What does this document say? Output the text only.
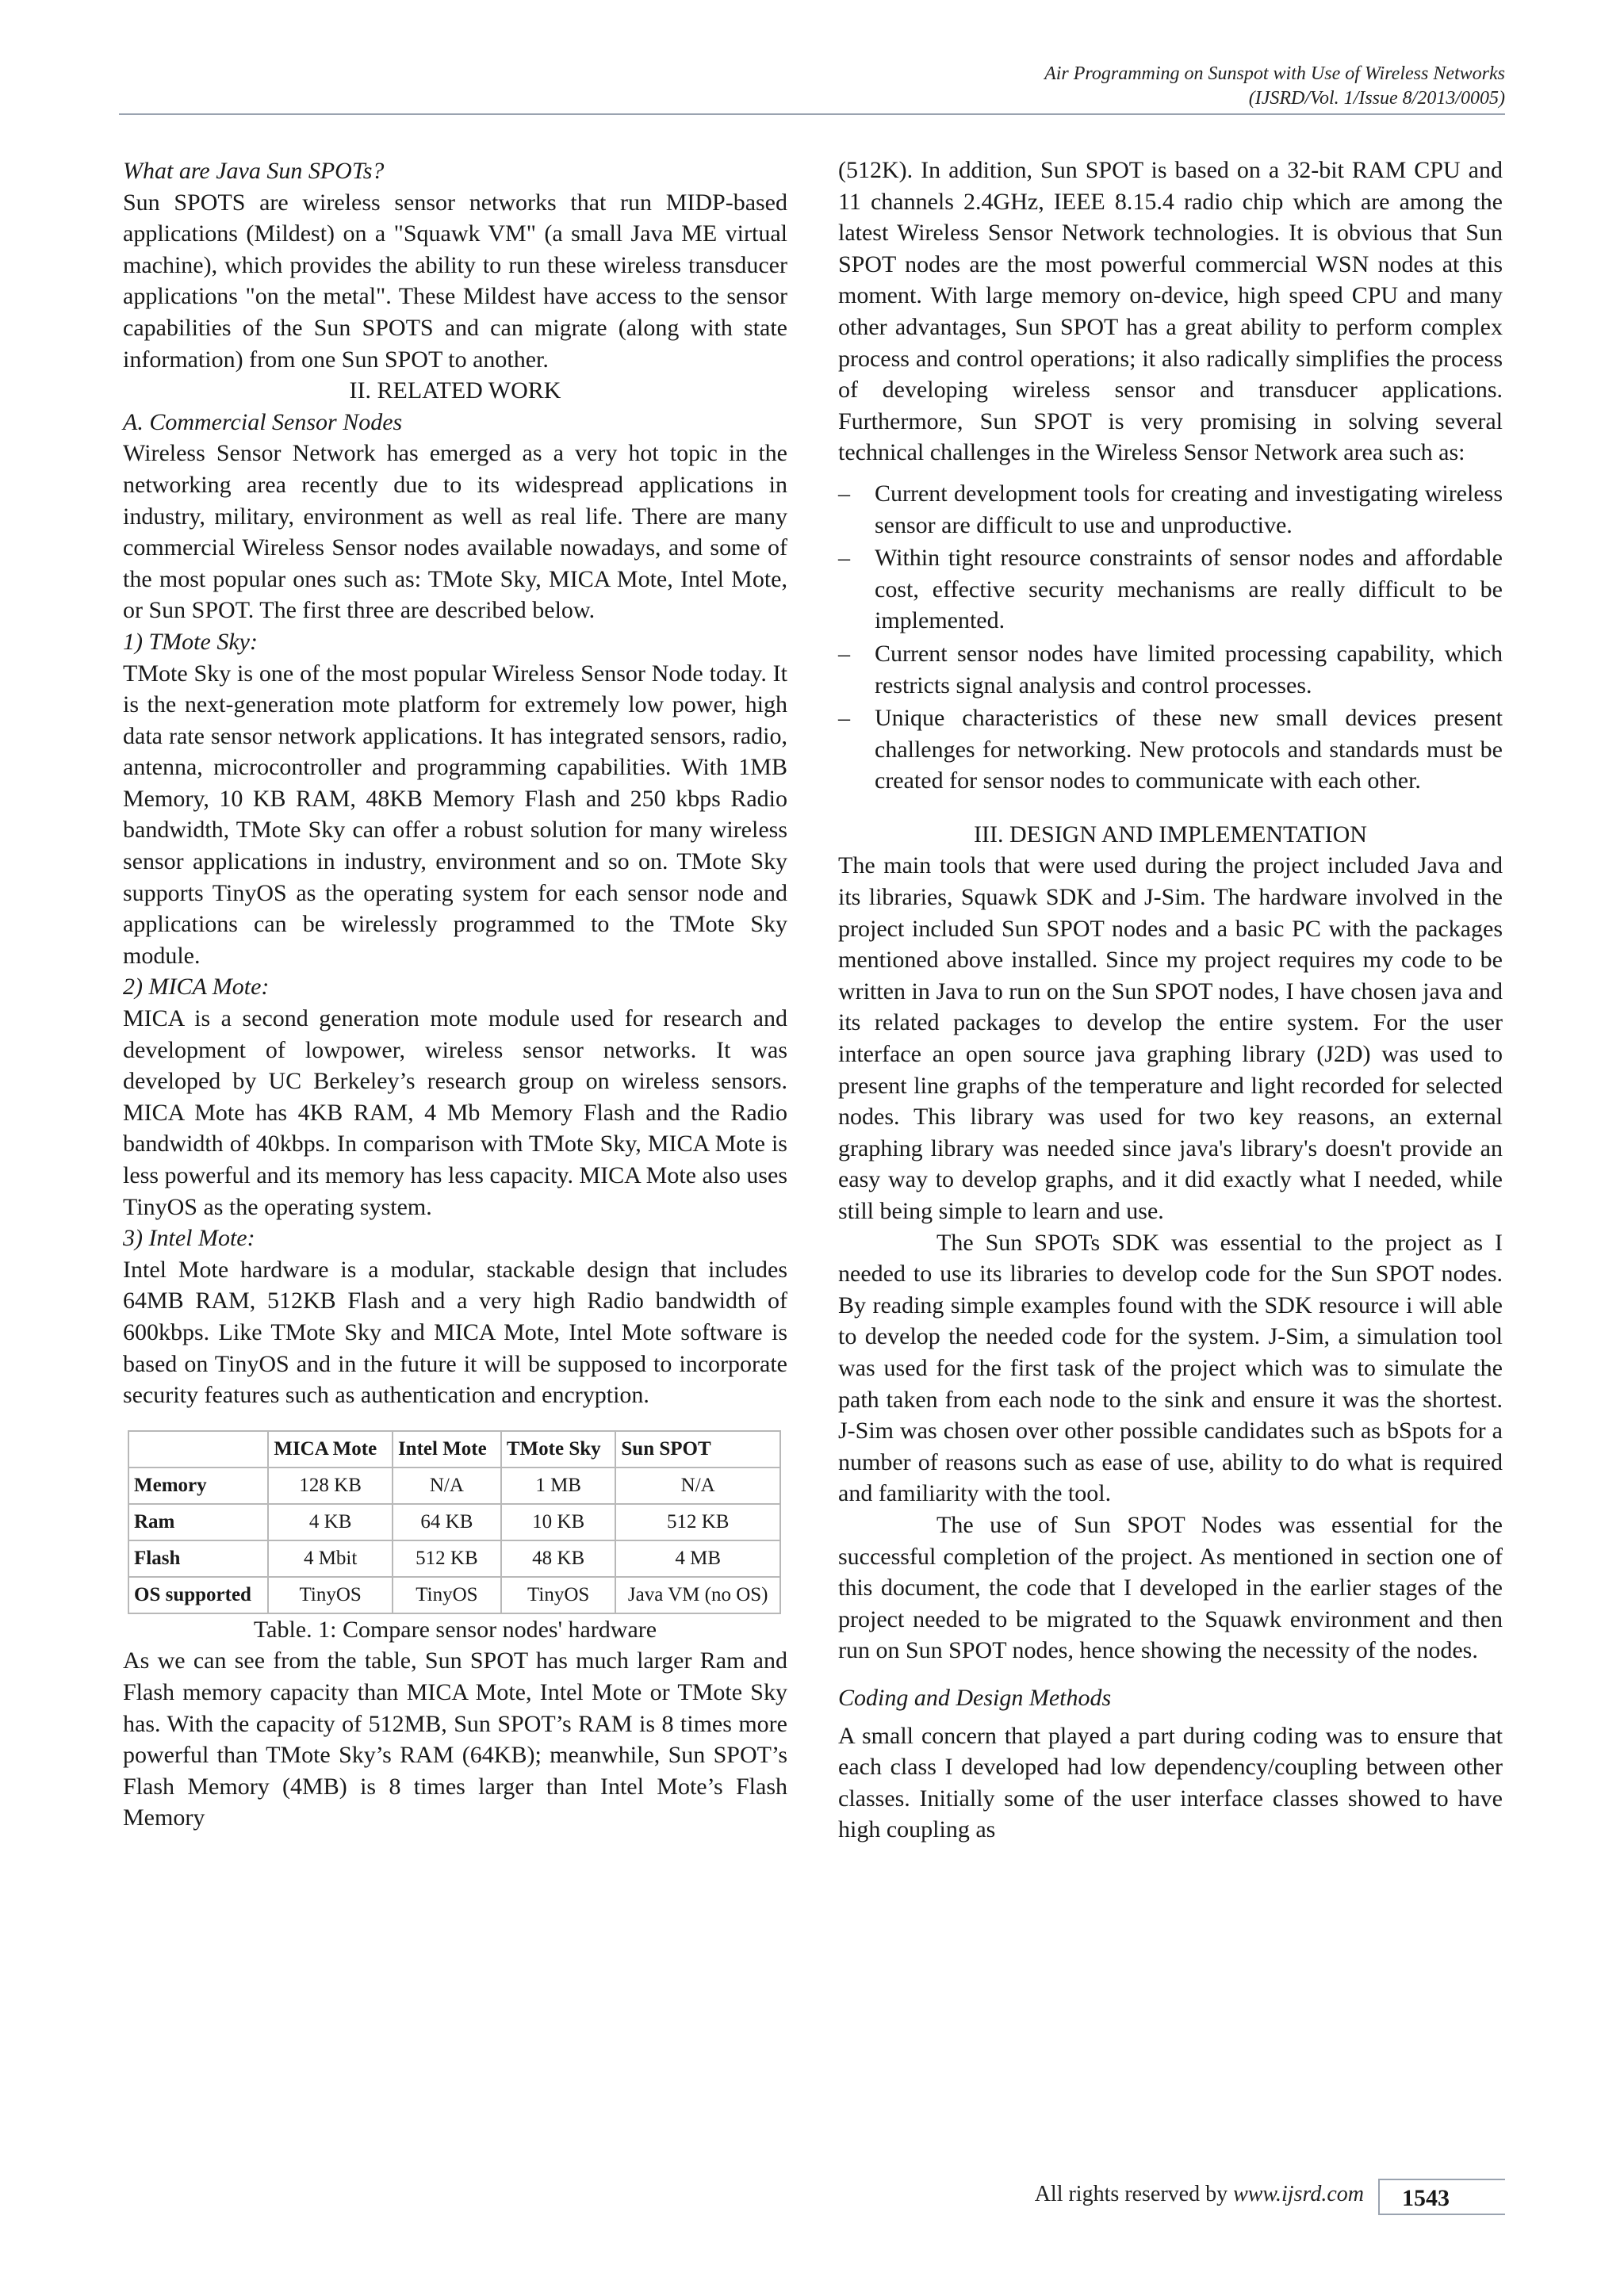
Air Programming on Sunspot with Use of Wireless Networks
(IJSRD/Vol. 1/Issue 8/2013/0005)

What are Java Sun SPOTs?

Sun SPOTS are wireless sensor networks that run MIDP-based applications (Mildest) on a "Squawk VM" (a small Java ME virtual machine), which provides the ability to run these wireless transducer applications "on the metal". These Mildest have access to the sensor capabilities of the Sun SPOTS and can migrate (along with state information) from one Sun SPOT to another.

II. RELATED WORK

A. Commercial Sensor Nodes

Wireless Sensor Network has emerged as a very hot topic in the networking area recently due to its widespread applications in industry, military, environment as well as real life. There are many commercial Wireless Sensor nodes available nowadays, and some of the most popular ones such as: TMote Sky, MICA Mote, Intel Mote, or Sun SPOT. The first three are described below.

1) TMote Sky:

TMote Sky is one of the most popular Wireless Sensor Node today. It is the next-generation mote platform for extremely low power, high data rate sensor network applications. It has integrated sensors, radio, antenna, microcontroller and programming capabilities. With 1MB Memory, 10 KB RAM, 48KB Memory Flash and 250 kbps Radio bandwidth, TMote Sky can offer a robust solution for many wireless sensor applications in industry, environment and so on. TMote Sky supports TinyOS as the operating system for each sensor node and applications can be wirelessly programmed to the TMote Sky module.

2) MICA Mote:

MICA is a second generation mote module used for research and development of lowpower, wireless sensor networks. It was developed by UC Berkeley’s research group on wireless sensors. MICA Mote has 4KB RAM, 4 Mb Memory Flash and the Radio bandwidth of 40kbps. In comparison with TMote Sky, MICA Mote is less powerful and its memory has less capacity. MICA Mote also uses TinyOS as the operating system.

3) Intel Mote:

Intel Mote hardware is a modular, stackable design that includes 64MB RAM, 512KB Flash and a very high Radio bandwidth of 600kbps. Like TMote Sky and MICA Mote, Intel Mote software is based on TinyOS and in the future it will be supposed to incorporate security features such as authentication and encryption.

	MICA Mote	Intel Mote	TMote Sky	Sun SPOT
Memory	128 KB	N/A	1 MB	N/A
Ram	4 KB	64 KB	10 KB	512 KB
Flash	4 Mbit	512 KB	48 KB	4 MB
OS supported	TinyOS	TinyOS	TinyOS	Java VM (no OS)

Table. 1: Compare sensor nodes' hardware

As we can see from the table, Sun SPOT has much larger Ram and Flash memory capacity than MICA Mote, Intel Mote or TMote Sky has. With the capacity of 512MB, Sun SPOT’s RAM is 8 times more powerful than TMote Sky’s RAM (64KB); meanwhile, Sun SPOT’s Flash Memory (4MB) is 8 times larger than Intel Mote’s Flash Memory

(512K). In addition, Sun SPOT is based on a 32-bit RAM CPU and 11 channels 2.4GHz, IEEE 8.15.4 radio chip which are among the latest Wireless Sensor Network technologies. It is obvious that Sun SPOT nodes are the most powerful commercial WSN nodes at this moment. With large memory on-device, high speed CPU and many other advantages, Sun SPOT has a great ability to perform complex process and control operations; it also radically simplifies the process of developing wireless sensor and transducer applications. Furthermore, Sun SPOT is very promising in solving several technical challenges in the Wireless Sensor Network area such as:

– Current development tools for creating and investigating wireless sensor are difficult to use and unproductive.
– Within tight resource constraints of sensor nodes and affordable cost, effective security mechanisms are really difficult to be implemented.
– Current sensor nodes have limited processing capability, which restricts signal analysis and control processes.
– Unique characteristics of these new small devices present challenges for networking. New protocols and standards must be created for sensor nodes to communicate with each other.

III. DESIGN AND IMPLEMENTATION

The main tools that were used during the project included Java and its libraries, Squawk SDK and J-Sim. The hardware involved in the project included Sun SPOT nodes and a basic PC with the packages mentioned above installed. Since my project requires my code to be written in Java to run on the Sun SPOT nodes, I have chosen java and its related packages to develop the entire system. For the user interface an open source java graphing library (J2D) was used to present line graphs of the temperature and light recorded for selected nodes. This library was used for two key reasons, an external graphing library was needed since java's library's doesn't provide an easy way to develop graphs, and it did exactly what I needed, while still being simple to learn and use.

The Sun SPOTs SDK was essential to the project as I needed to use its libraries to develop code for the Sun SPOT nodes. By reading simple examples found with the SDK resource i will able to develop the needed code for the system. J-Sim, a simulation tool was used for the first task of the project which was to simulate the path taken from each node to the sink and ensure it was the shortest. J-Sim was chosen over other possible candidates such as bSpots for a number of reasons such as ease of use, ability to do what is required and familiarity with the tool.

The use of Sun SPOT Nodes was essential for the successful completion of the project. As mentioned in section one of this document, the code that I developed in the earlier stages of the project needed to be migrated to the Squawk environment and then run on Sun SPOT nodes, hence showing the necessity of the nodes.

Coding and Design Methods

A small concern that played a part during coding was to ensure that each class I developed had low dependency/coupling between other classes. Initially some of the user interface classes showed to have high coupling as

All rights reserved by www.ijsrd.com	1543
